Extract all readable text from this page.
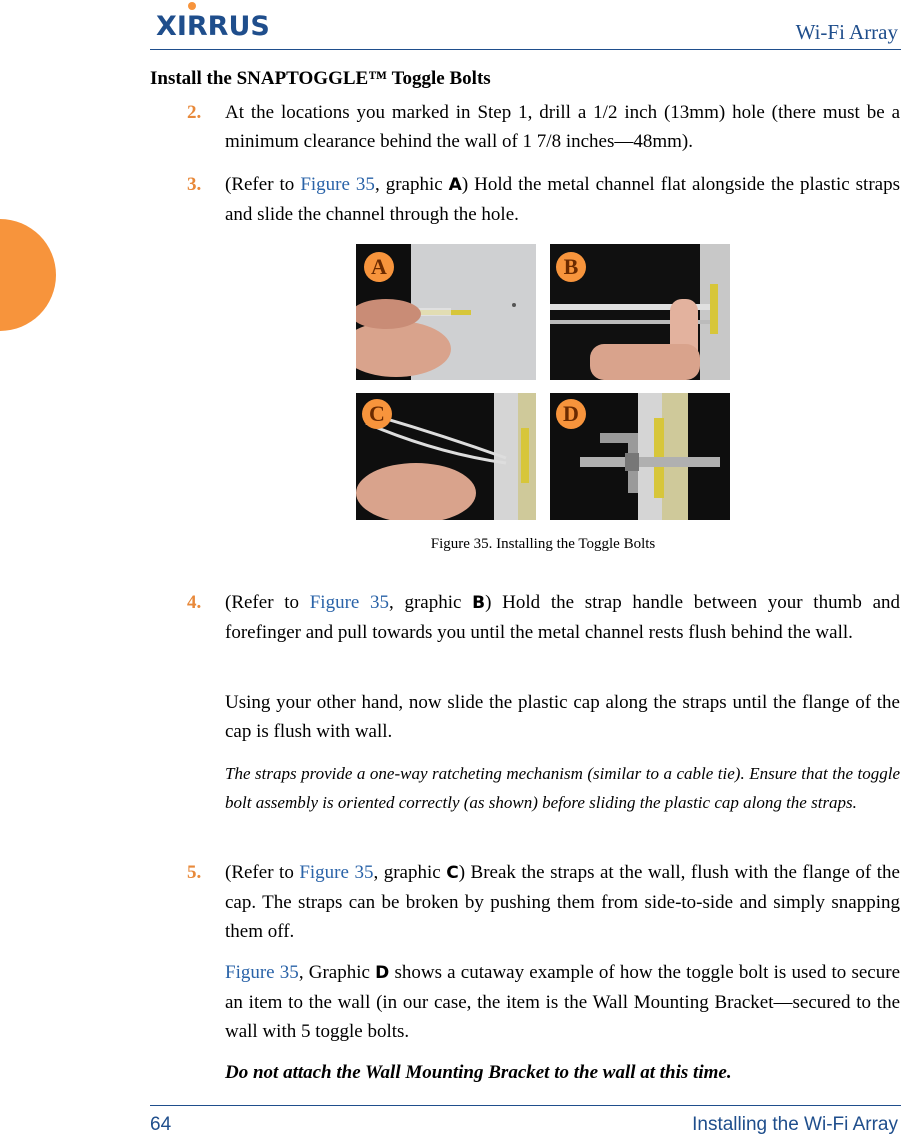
XIRRUS	Wi-Fi Array
Install the SNAPTOGGLE™ Toggle Bolts
2. At the locations you marked in Step 1, drill a 1/2 inch (13mm) hole (there must be a minimum clearance behind the wall of 1 7/8 inches—48mm).
3. (Refer to Figure 35, graphic A) Hold the metal channel flat alongside the plastic straps and slide the channel through the hole.
A	B
C	D
Figure 35. Installing the Toggle Bolts
4. (Refer to Figure 35, graphic B) Hold the strap handle between your thumb and forefinger and pull towards you until the metal channel rests flush behind the wall.
Using your other hand, now slide the plastic cap along the straps until the flange of the cap is flush with wall.
The straps provide a one-way ratcheting mechanism (similar to a cable tie). Ensure that the toggle bolt assembly is oriented correctly (as shown) before sliding the plastic cap along the straps.
5. (Refer to Figure 35, graphic C) Break the straps at the wall, flush with the flange of the cap. The straps can be broken by pushing them from side-to-side and simply snapping them off.
Figure 35, Graphic D shows a cutaway example of how the toggle bolt is used to secure an item to the wall (in our case, the item is the Wall Mounting Bracket—secured to the wall with 5 toggle bolts.
Do not attach the Wall Mounting Bracket to the wall at this time.
64	Installing the Wi-Fi Array
